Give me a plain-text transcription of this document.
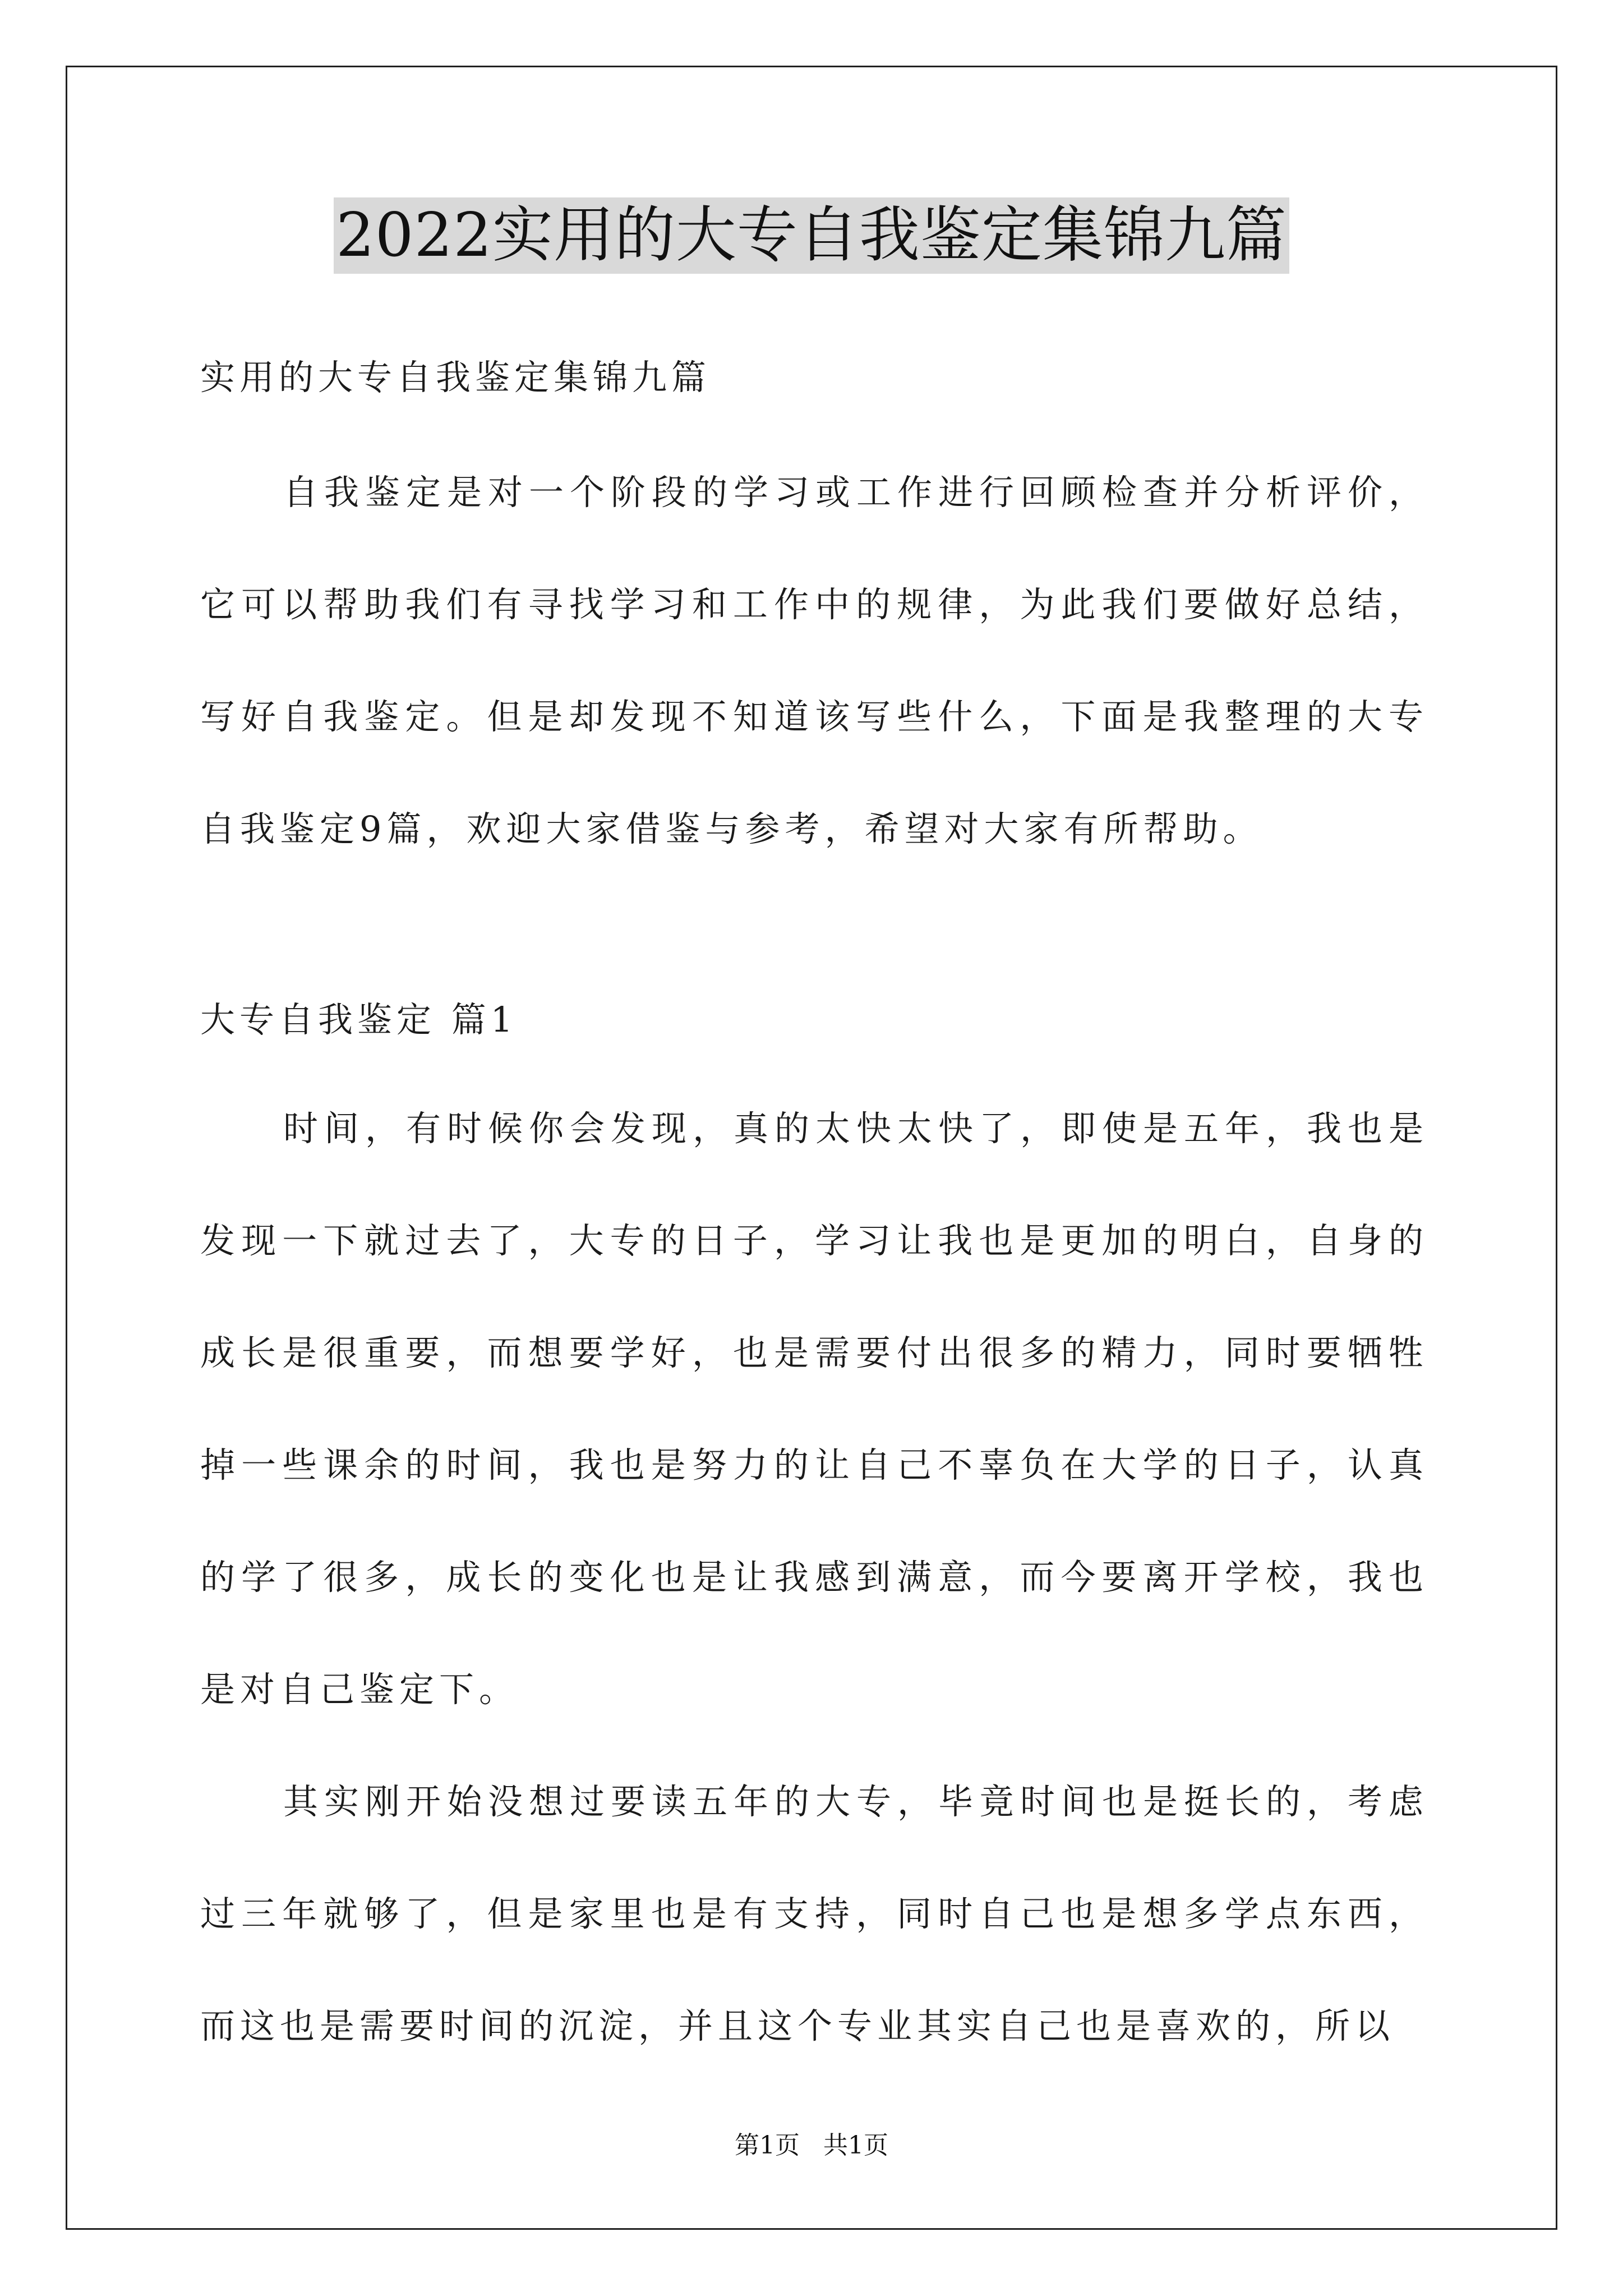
2022实用的大专自我鉴定集锦九篇
实用的大专自我鉴定集锦九篇

自我鉴定是对一个阶段的学习或工作进行回顾检查并分析评价，它可以帮助我们有寻找学习和工作中的规律，为此我们要做好总结，写好自我鉴定。但是却发现不知道该写些什么，下面是我整理的大专自我鉴定9篇，欢迎大家借鉴与参考，希望对大家有所帮助。

大专自我鉴定 篇1

时间，有时候你会发现，真的太快太快了，即使是五年，我也是发现一下就过去了，大专的日子，学习让我也是更加的明白，自身的成长是很重要，而想要学好，也是需要付出很多的精力，同时要牺牲掉一些课余的时间，我也是努力的让自己不辜负在大学的日子，认真的学了很多，成长的变化也是让我感到满意，而今要离开学校，我也是对自己鉴定下。

其实刚开始没想过要读五年的大专，毕竟时间也是挺长的，考虑过三年就够了，但是家里也是有支持，同时自己也是想多学点东西，而这也是需要时间的沉淀，并且这个专业其实自己也是喜欢的，所以

第1页   共1页
